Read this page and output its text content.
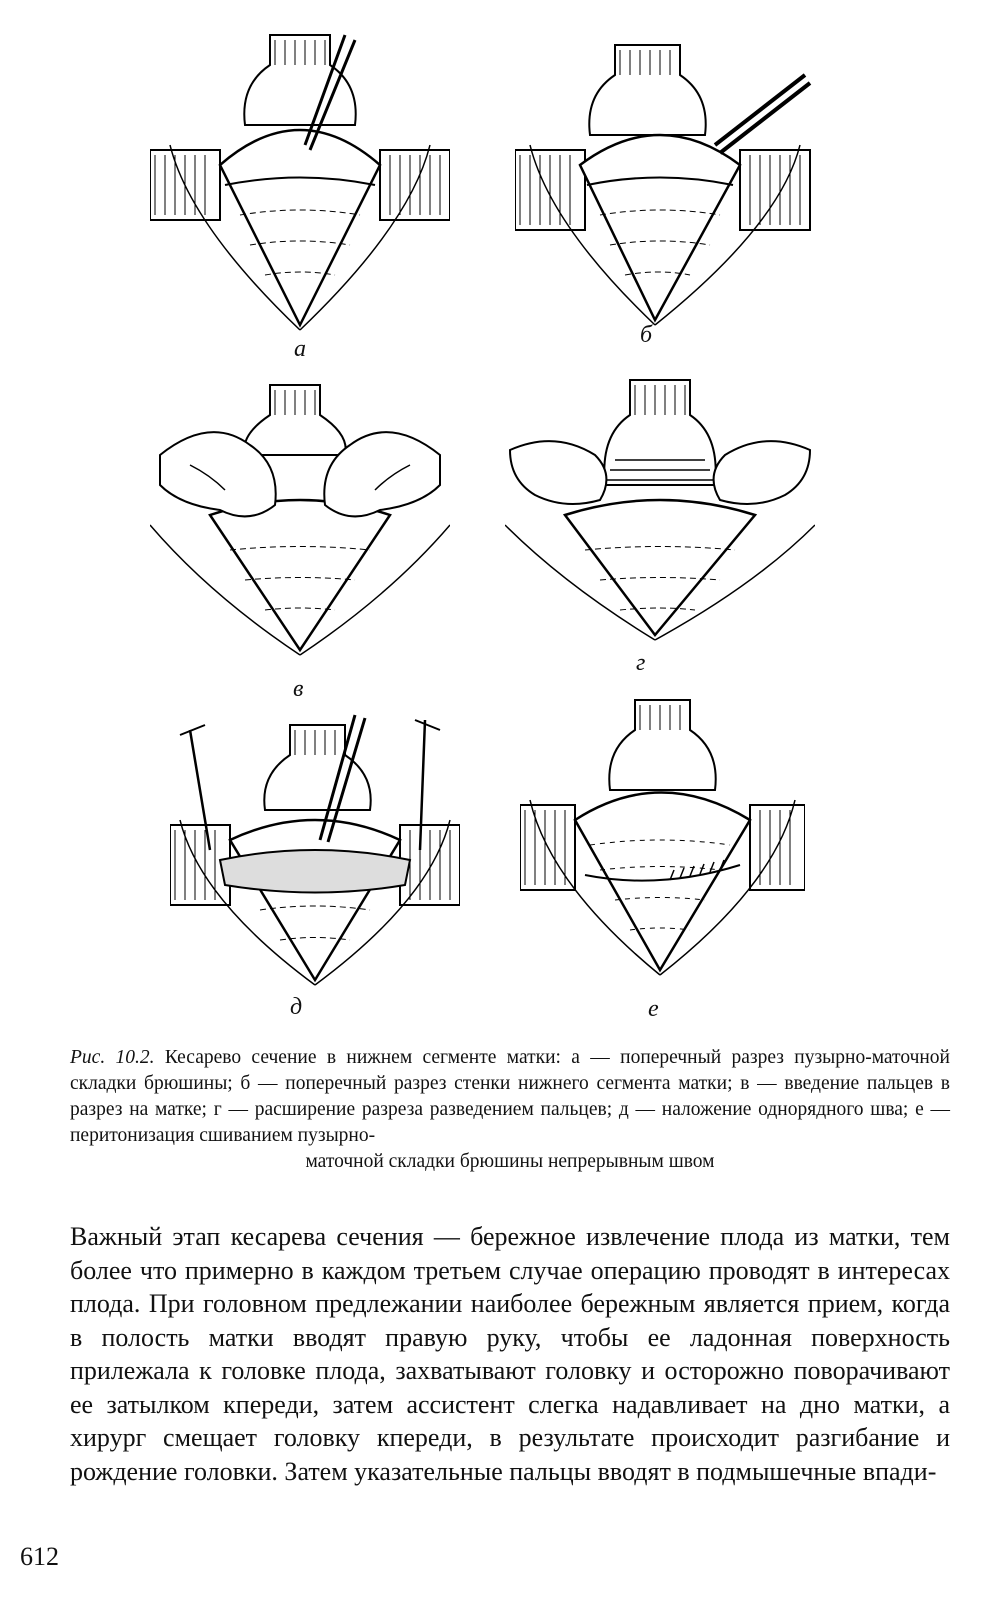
а
б
в
г
д	е
Рис. 10.2. Кесарево сечение в нижнем сегменте матки: а — поперечный разрез пузырно-маточной складки брюшины; б — поперечный разрез стенки нижнего сегмента матки; в — введение пальцев в разрез на матке; г — расширение разреза разведением пальцев; д — наложение однорядного шва; е — перитонизация сшиванием пузырно-
маточной складки брюшины непрерывным швом
Важный этап кесарева сечения — бережное извлечение плода из матки, тем более что примерно в каждом третьем случае операцию проводят в интересах плода. При головном предлежании наиболее бережным является прием, когда в полость матки вводят правую руку, чтобы ее ладонная поверхность прилежала к головке плода, захватывают головку и осторожно поворачивают ее затылком кпереди, затем ассистент слегка надавливает на дно матки, а хирург смещает головку кпереди, в результате происходит разгибание и рождение головки. Затем указательные пальцы вводят в подмышечные впади-
612
